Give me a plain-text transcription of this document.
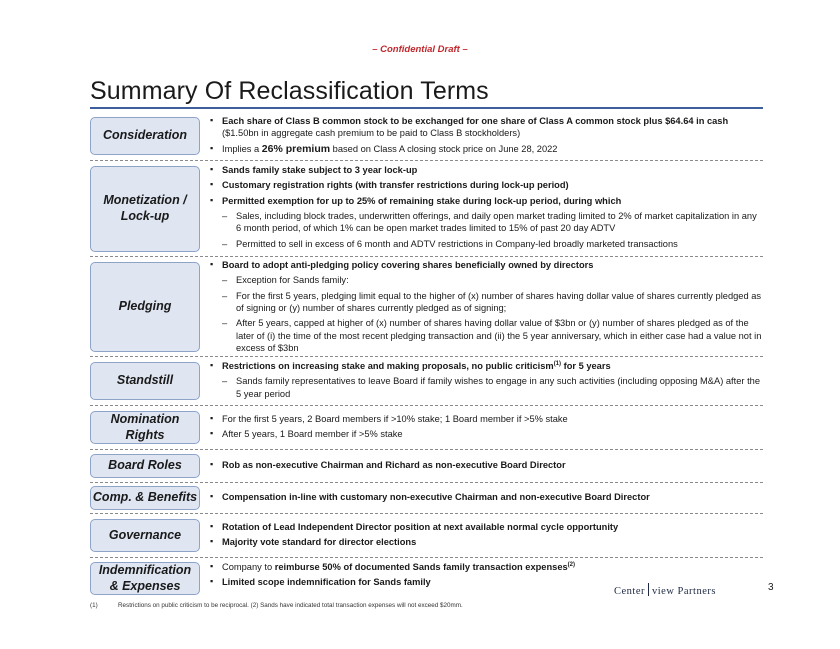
– Confidential Draft –
Summary Of Reclassification Terms
Consideration
▪ Each share of Class B common stock to be exchanged for one share of Class A common stock plus $64.64 in cash ($1.50bn in aggregate cash premium to be paid to Class B stockholders)
▪ Implies a 26% premium based on Class A closing stock price on June 28, 2022
Monetization / Lock-up
▪ Sands family stake subject to 3 year lock-up
▪ Customary registration rights (with transfer restrictions during lock-up period)
▪ Permitted exemption for up to 25% of remaining stake during lock-up period, during which
– Sales, including block trades, underwritten offerings, and daily open market trading limited to 2% of market capitalization in any 6 month period, of which 1% can be open market trades limited to 15% of past 20 day ADTV
– Permitted to sell in excess of 6 month and ADTV restrictions in Company-led broadly marketed transactions
Pledging
▪ Board to adopt anti-pledging policy covering shares beneficially owned by directors
– Exception for Sands family:
– For the first 5 years, pledging limit equal to the higher of (x) number of shares having dollar value of shares currently pledged as of signing or (y) number of shares currently pledged as of signing;
– After 5 years, capped at higher of (x) number of shares having dollar value of $3bn or (y) number of shares pledged as of the later of (i) the time of the most recent pledging transaction and (ii) the 5 year anniversary, which in either case had a value not in excess of $3bn
Standstill
▪ Restrictions on increasing stake and making proposals, no public criticism$^{(1)}$ for 5 years
– Sands family representatives to leave Board if family wishes to engage in any such activities (including opposing M&A) after the 5 year period
Nomination Rights
▪ For the first 5 years, 2 Board members if >10% stake; 1 Board member if >5% stake
▪ After 5 years, 1 Board member if >5% stake
Board Roles	▪ Rob as non-executive Chairman and Richard as non-executive Board Director
Comp. & Benefits	▪ Compensation in-line with customary non-executive Chairman and non-executive Board Director
Governance
▪ Rotation of Lead Independent Director position at next available normal cycle opportunity
▪ Majority vote standard for director elections
Indemnification & Expenses
▪ Company to reimburse 50% of documented Sands family transaction expenses$^{(2)}$
▪ Limited scope indemnification for Sands family
Center view Partners	3
(1)	Restrictions on public criticism to be reciprocal. (2) Sands have indicated total transaction expenses will not exceed $20mm.
